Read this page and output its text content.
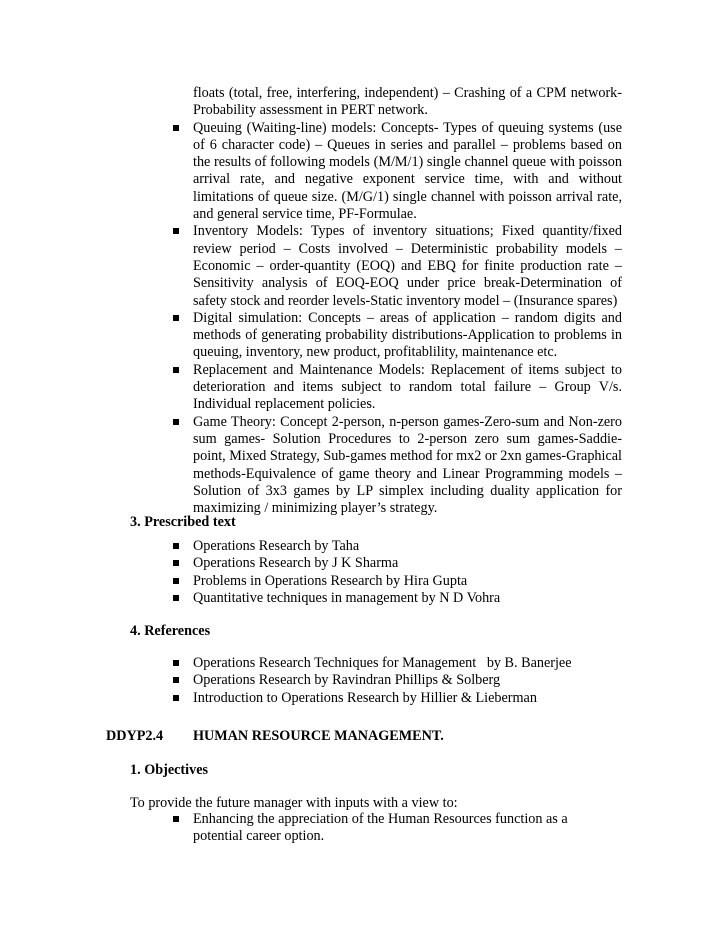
floats (total, free, interfering, independent) – Crashing of a CPM network-Probability assessment in PERT network.
Queuing (Waiting-line) models: Concepts- Types of queuing systems (use of 6 character code) – Queues in series and parallel – problems based on the results of following models (M/M/1) single channel queue with poisson arrival rate, and negative exponent service time, with and without limitations of queue size. (M/G/1) single channel with poisson arrival rate, and general service time, PF-Formulae.
Inventory Models: Types of inventory situations; Fixed quantity/fixed review period – Costs involved – Deterministic probability models – Economic – order-quantity (EOQ) and EBQ for finite production rate – Sensitivity analysis of EOQ-EOQ under price break-Determination of safety stock and reorder levels-Static inventory model – (Insurance spares)
Digital simulation: Concepts – areas of application – random digits and methods of generating probability distributions-Application to problems in queuing, inventory, new product, profitablility, maintenance etc.
Replacement and Maintenance Models: Replacement of items subject to deterioration and items subject to random total failure – Group V/s. Individual replacement policies.
Game Theory: Concept 2-person, n-person games-Zero-sum and Non-zero sum games- Solution Procedures to 2-person zero sum games-Saddie-point, Mixed Strategy, Sub-games method for mx2 or 2xn games-Graphical methods-Equivalence of game theory and Linear Programming models – Solution of 3x3 games by LP simplex including duality application for maximizing / minimizing player’s strategy.
3. Prescribed text
Operations Research by Taha
Operations Research by J K Sharma
Problems in Operations Research by Hira Gupta
Quantitative techniques in management by N D Vohra
4. References
Operations Research Techniques for Management   by B. Banerjee
Operations Research by Ravindran Phillips & Solberg
Introduction to Operations Research by Hillier & Lieberman
DDYP2.4 HUMAN RESOURCE MANAGEMENT.
1. Objectives
To provide the future manager with inputs with a view to:
Enhancing the appreciation of the Human Resources function as a potential career option.
